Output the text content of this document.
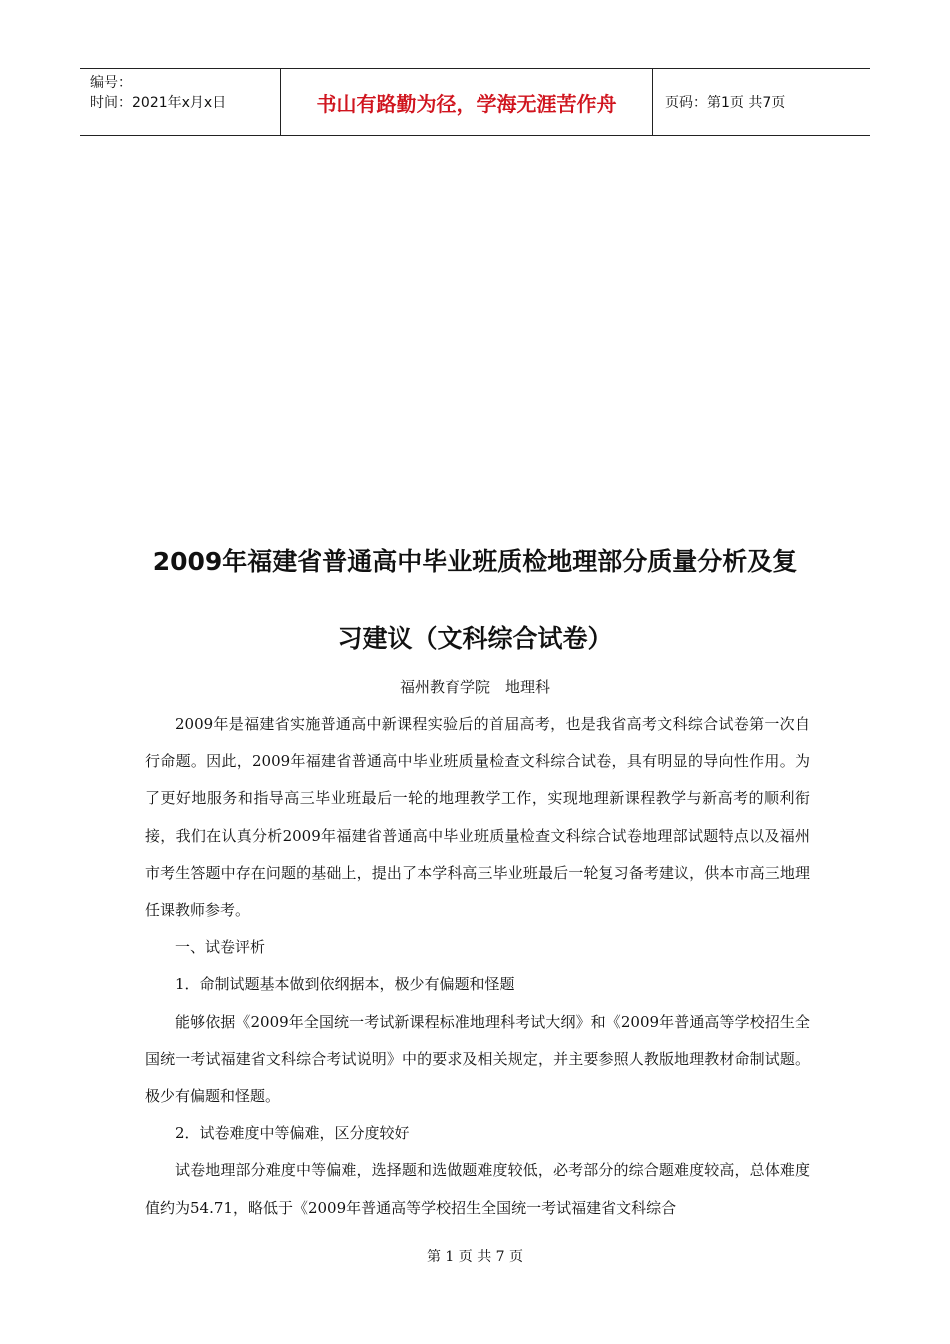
编号：
时间：2021年x月x日	书山有路勤为径，学海无涯苦作舟	页码：第1页 共7页
2009年福建省普通高中毕业班质检地理部分质量分析及复
习建议（文科综合试卷）
福州教育学院　地理科

2009年是福建省实施普通高中新课程实验后的首届高考，也是我省高考文科综合试卷第一次自行命题。因此，2009年福建省普通高中毕业班质量检查文科综合试卷，具有明显的导向性作用。为了更好地服务和指导高三毕业班最后一轮的地理教学工作，实现地理新课程教学与新高考的顺利衔接，我们在认真分析2009年福建省普通高中毕业班质量检查文科综合试卷地理部试题特点以及福州市考生答题中存在问题的基础上，提出了本学科高三毕业班最后一轮复习备考建议，供本市高三地理任课教师参考。

一、试卷评析

1．命制试题基本做到依纲据本，极少有偏题和怪题

能够依据《2009年全国统一考试新课程标准地理科考试大纲》和《2009年普通高等学校招生全国统一考试福建省文科综合考试说明》中的要求及相关规定，并主要参照人教版地理教材命制试题。极少有偏题和怪题。

2．试卷难度中等偏难，区分度较好

试卷地理部分难度中等偏难，选择题和选做题难度较低，必考部分的综合题难度较高，总体难度值约为54.71，略低于《2009年普通高等学校招生全国统一考试福建省文科综合

第 1 页 共 7 页
